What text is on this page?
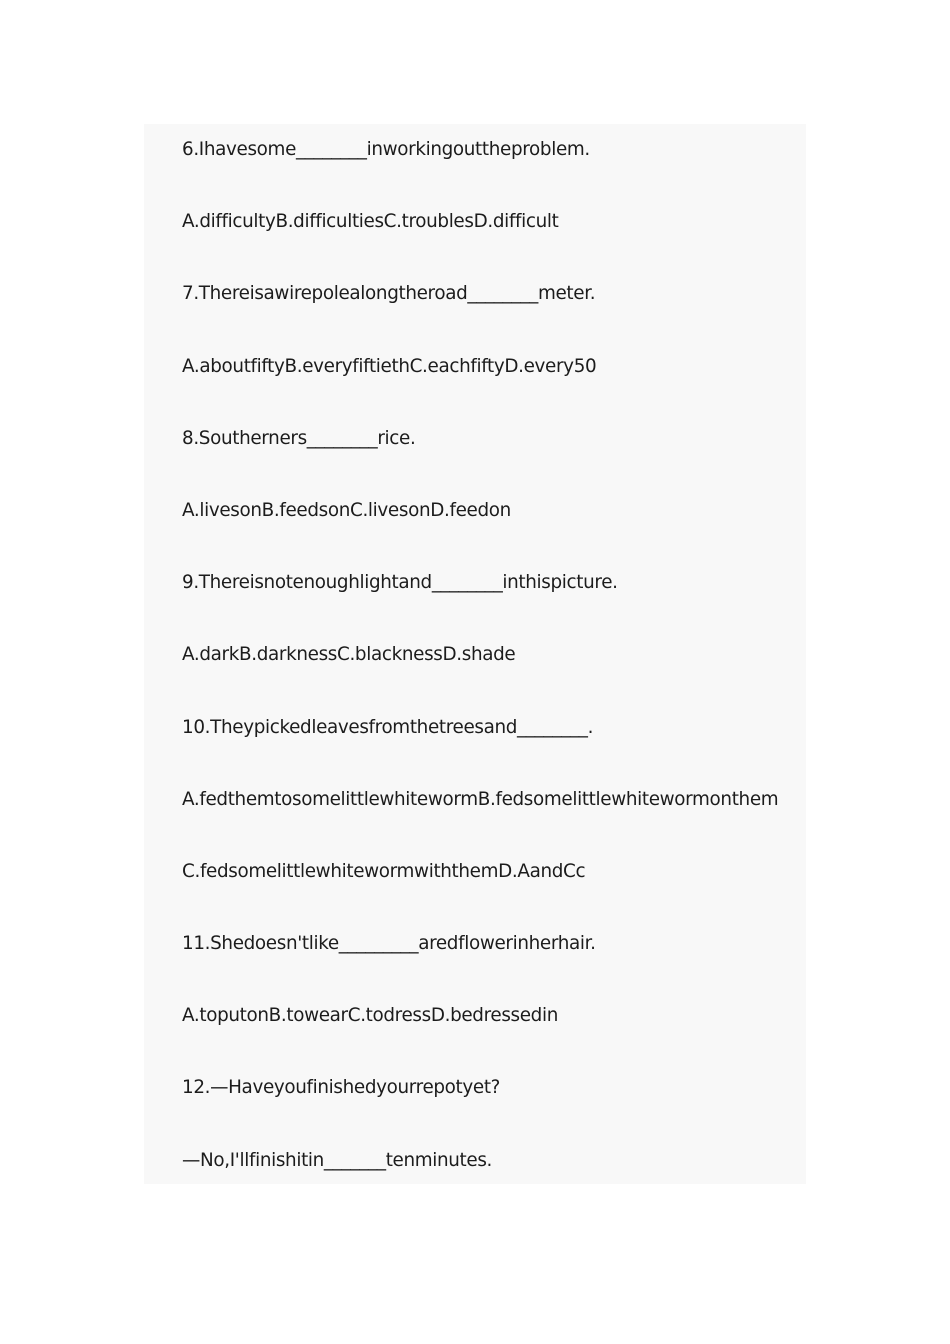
6.Ihavesome________inworkingouttheproblem.
A.difficultyB.difficultiesC.troublesD.difficult
7.Thereisawirepolealongtheroad________meter.
A.aboutfiftyB.everyfiftiethC.eachfiftyD.every50
8.Southerners________rice.
A.livesonB.feedsonC.livesonD.feedon
9.Thereisnotenoughlightand________inthispicture.
A.darkB.darknessC.blacknessD.shade
10.Theypickedleavesfromthetreesand________.
A.fedthemtosomelittlewhitewormB.fedsomelittlewhitewormonthem
C.fedsomelittlewhitewormwiththemD.AandCc
11.Shedoesn'tlike_________aredflowerinherhair.
A.toputonB.towearC.todressD.bedressedin
12.—Haveyoufinishedyourrepotyet?
—No,I'llfinishitin_______tenminutes.
